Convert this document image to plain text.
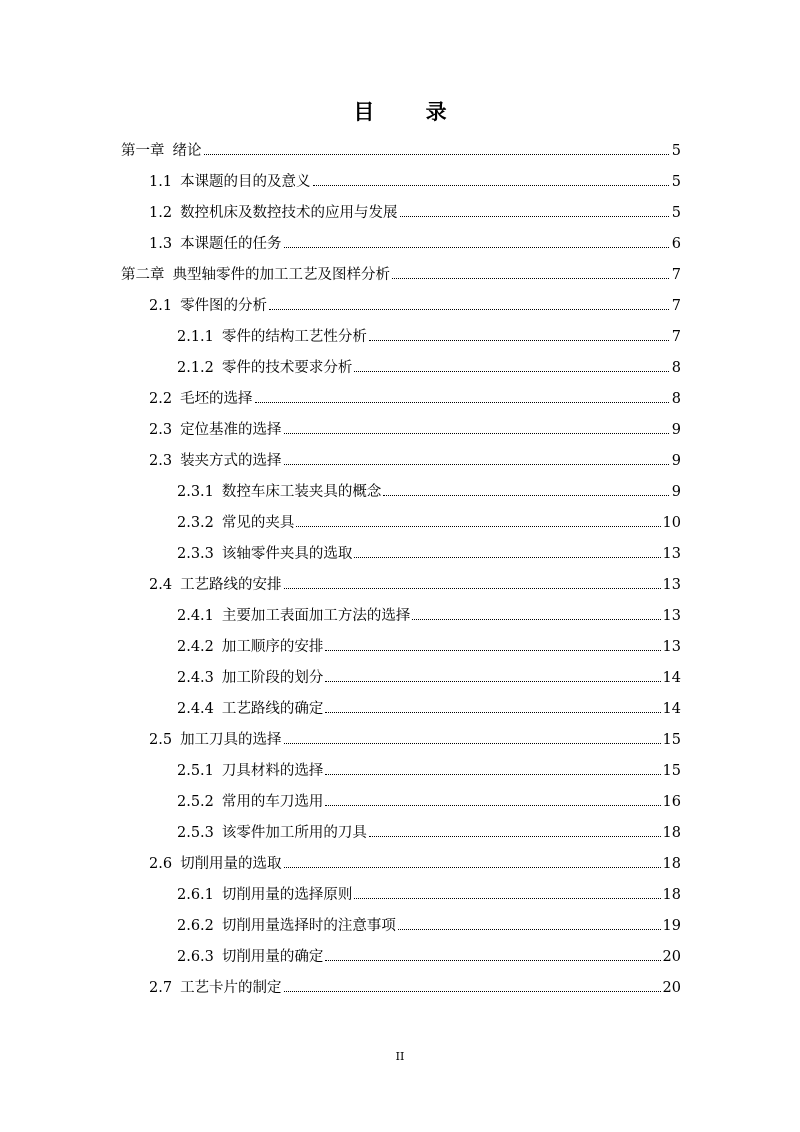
目 录
第一章 绪论	5
1.1 本课题的目的及意义	5
1.2 数控机床及数控技术的应用与发展	5
1.3 本课题任的任务	6
第二章 典型轴零件的加工工艺及图样分析	7
2.1 零件图的分析	7
2.1.1 零件的结构工艺性分析	7
2.1.2 零件的技术要求分析	8
2.2 毛坯的选择	8
2.3 定位基准的选择	9
2.3 装夹方式的选择	9
2.3.1 数控车床工装夹具的概念	9
2.3.2 常见的夹具	10
2.3.3 该轴零件夹具的选取	13
2.4 工艺路线的安排	13
2.4.1 主要加工表面加工方法的选择	13
2.4.2 加工顺序的安排	13
2.4.3 加工阶段的划分	14
2.4.4 工艺路线的确定	14
2.5 加工刀具的选择	15
2.5.1 刀具材料的选择	15
2.5.2 常用的车刀选用	16
2.5.3 该零件加工所用的刀具	18
2.6 切削用量的选取	18
2.6.1 切削用量的选择原则	18
2.6.2 切削用量选择时的注意事项	19
2.6.3 切削用量的确定	20
2.7 工艺卡片的制定	20
II
